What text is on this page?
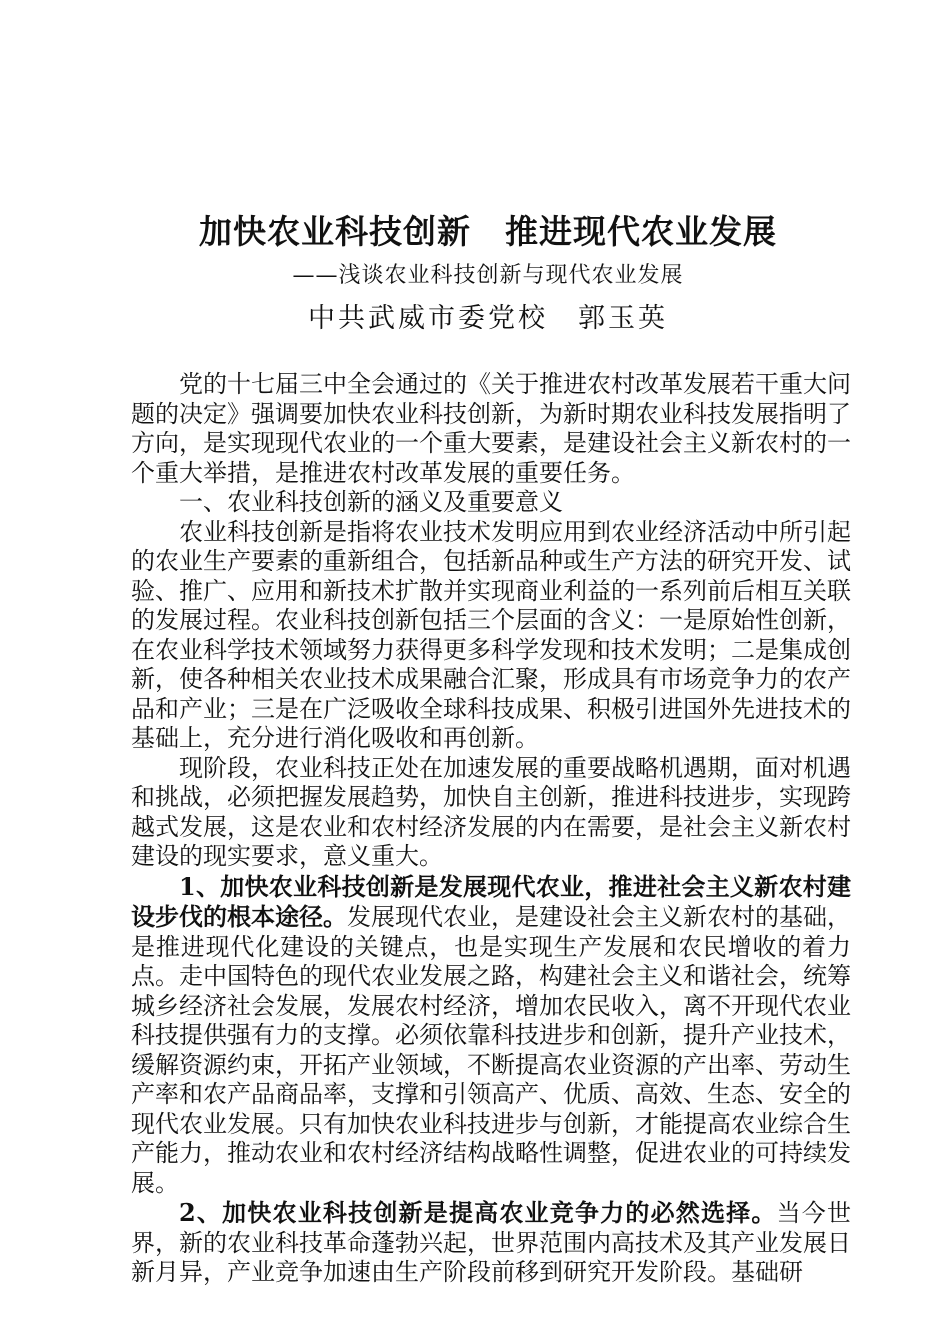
加快农业科技创新　推进现代农业发展
——浅谈农业科技创新与现代农业发展
中共武威市委党校　郭玉英

党的十七届三中全会通过的《关于推进农村改革发展若干重大问题的决定》强调要加快农业科技创新，为新时期农业科技发展指明了方向，是实现现代农业的一个重大要素，是建设社会主义新农村的一个重大举措，是推进农村改革发展的重要任务。

一、农业科技创新的涵义及重要意义

农业科技创新是指将农业技术发明应用到农业经济活动中所引起的农业生产要素的重新组合，包括新品种或生产方法的研究开发、试验、推广、应用和新技术扩散并实现商业利益的一系列前后相互关联的发展过程。农业科技创新包括三个层面的含义：一是原始性创新，在农业科学技术领域努力获得更多科学发现和技术发明；二是集成创新，使各种相关农业技术成果融合汇聚，形成具有市场竞争力的农产品和产业；三是在广泛吸收全球科技成果、积极引进国外先进技术的基础上，充分进行消化吸收和再创新。

现阶段，农业科技正处在加速发展的重要战略机遇期，面对机遇和挑战，必须把握发展趋势，加快自主创新，推进科技进步，实现跨越式发展，这是农业和农村经济发展的内在需要，是社会主义新农村建设的现实要求，意义重大。

1、加快农业科技创新是发展现代农业，推进社会主义新农村建设步伐的根本途径。发展现代农业，是建设社会主义新农村的基础，是推进现代化建设的关键点，也是实现生产发展和农民增收的着力点。走中国特色的现代农业发展之路，构建社会主义和谐社会，统筹城乡经济社会发展，发展农村经济，增加农民收入，离不开现代农业科技提供强有力的支撑。必须依靠科技进步和创新，提升产业技术，缓解资源约束，开拓产业领域，不断提高农业资源的产出率、劳动生产率和农产品商品率，支撑和引领高产、优质、高效、生态、安全的现代农业发展。只有加快农业科技进步与创新，才能提高农业综合生产能力，推动农业和农村经济结构战略性调整，促进农业的可持续发展。

2、加快农业科技创新是提高农业竞争力的必然选择。当今世界，新的农业科技革命蓬勃兴起，世界范围内高技术及其产业发展日新月异，产业竞争加速由生产阶段前移到研究开发阶段。基础研
